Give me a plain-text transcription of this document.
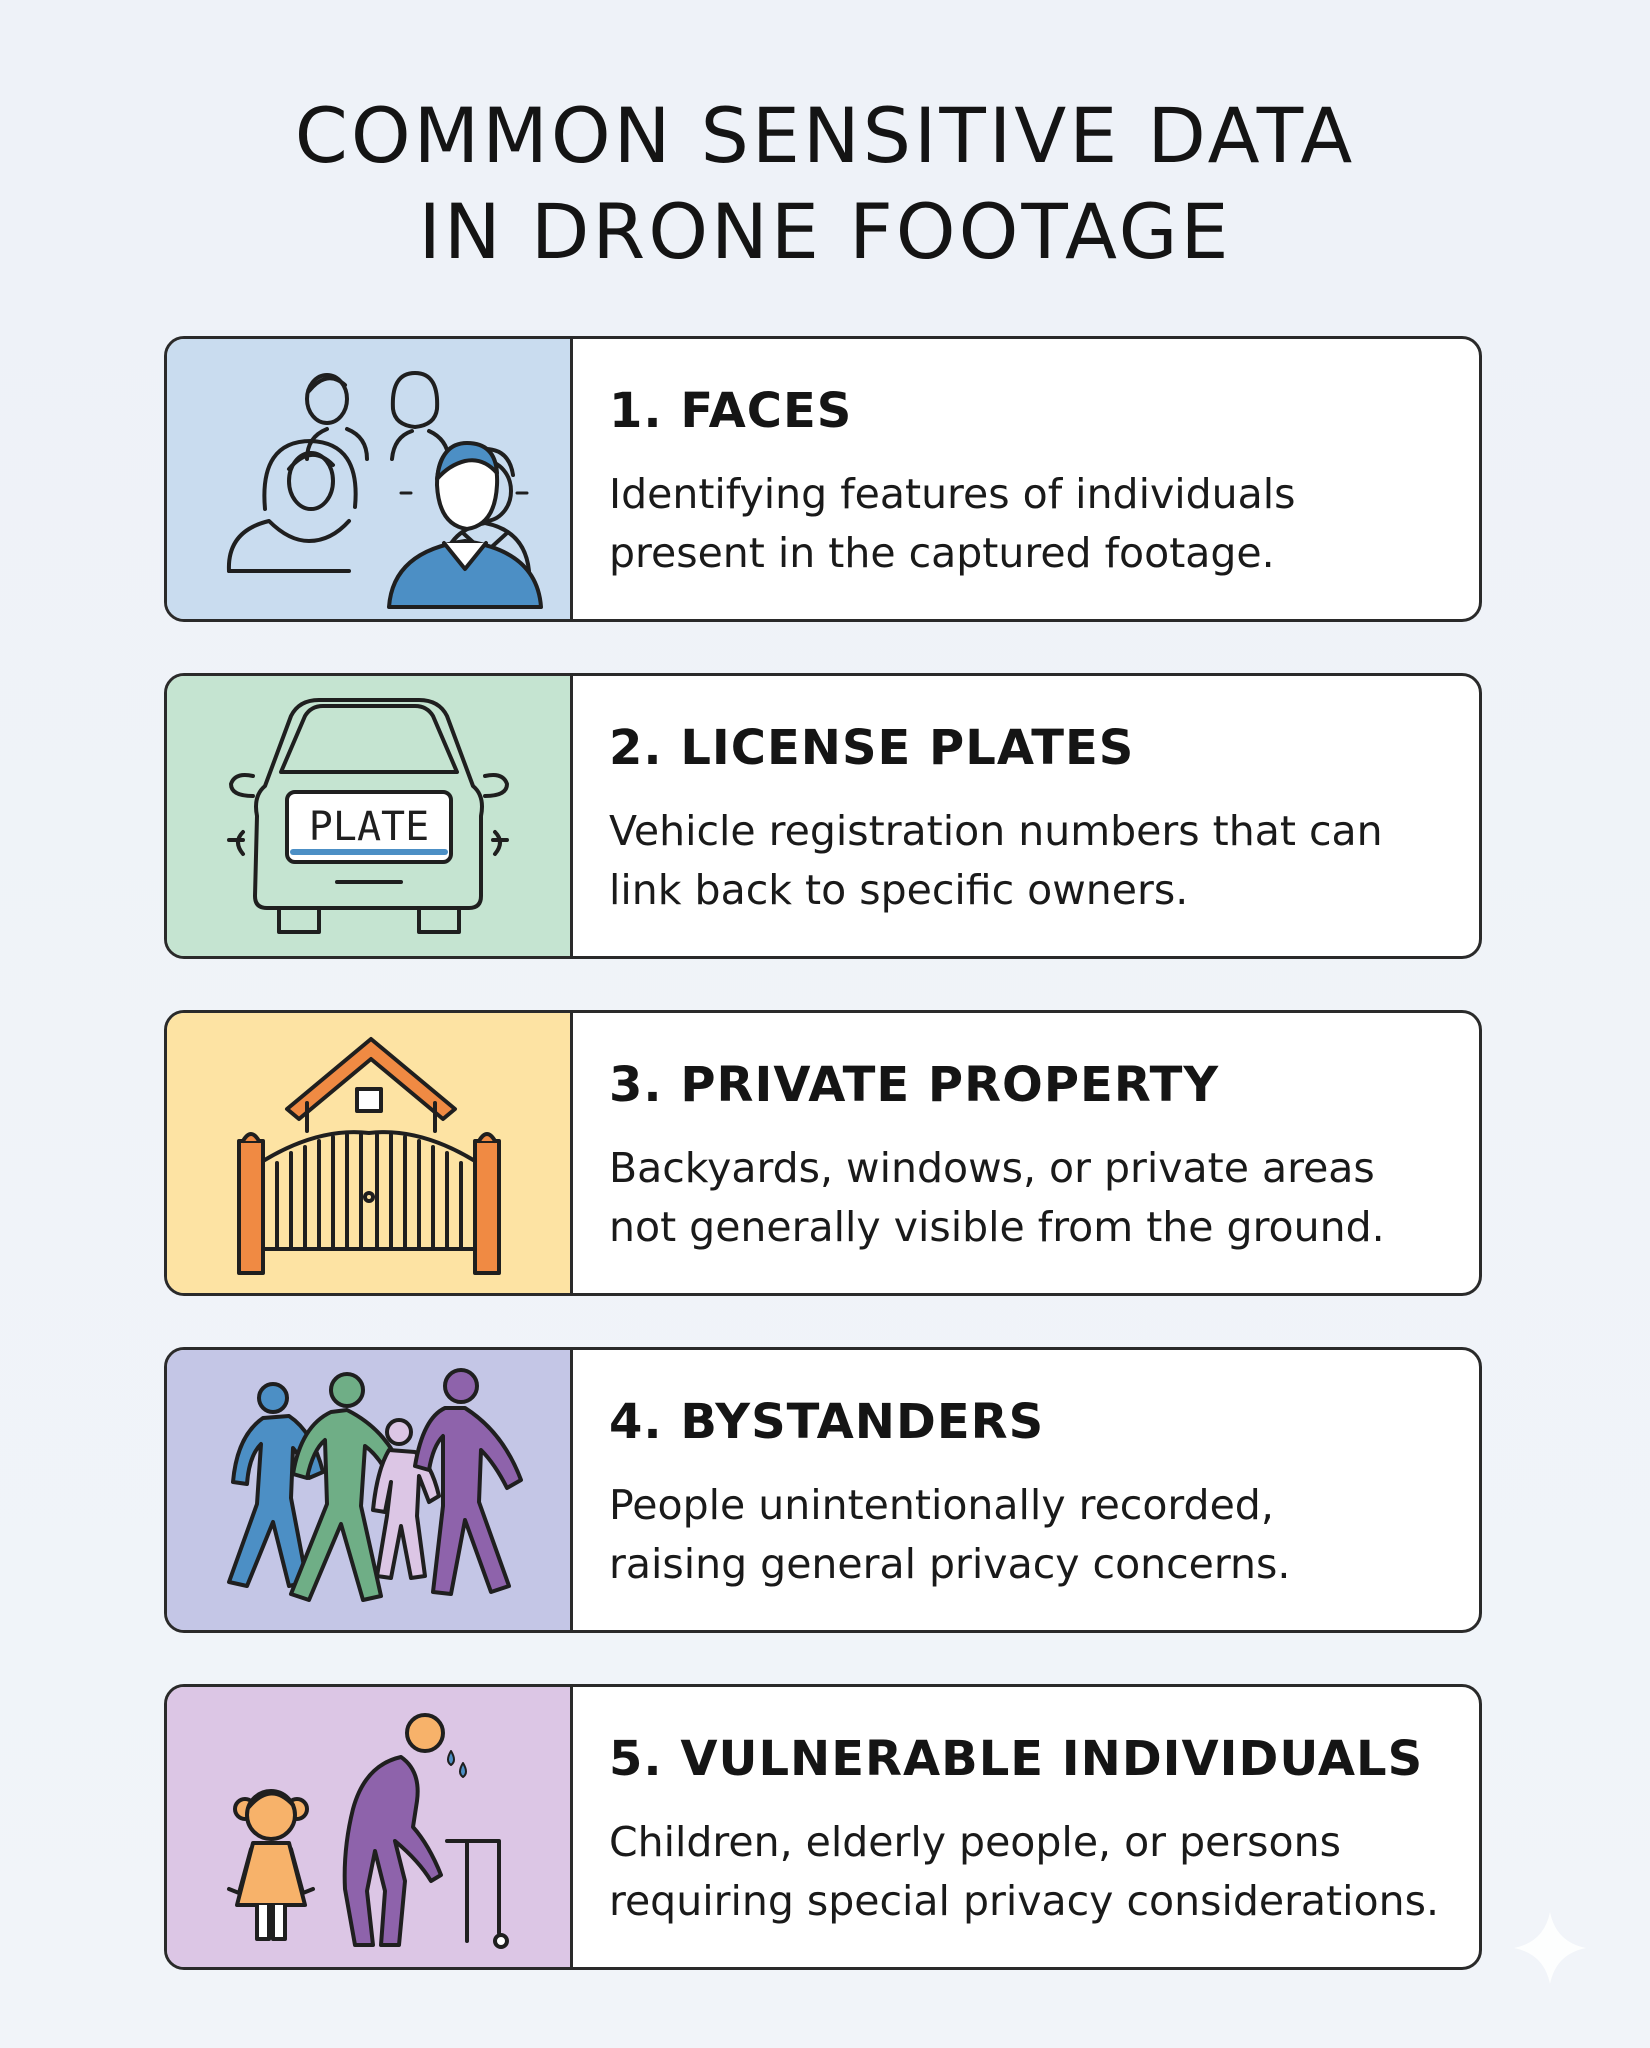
COMMON SENSITIVE DATA
IN DRONE FOOTAGE
1. FACES
Identifying features of individuals
present in the captured footage.
PLATE
2. LICENSE PLATES
Vehicle registration numbers that can
link back to specific owners.
3. PRIVATE PROPERTY
Backyards, windows, or private areas
not generally visible from the ground.
4. BYSTANDERS
People unintentionally recorded,
raising general privacy concerns.
5. VULNERABLE INDIVIDUALS
Children, elderly people, or persons
requiring special privacy considerations.
